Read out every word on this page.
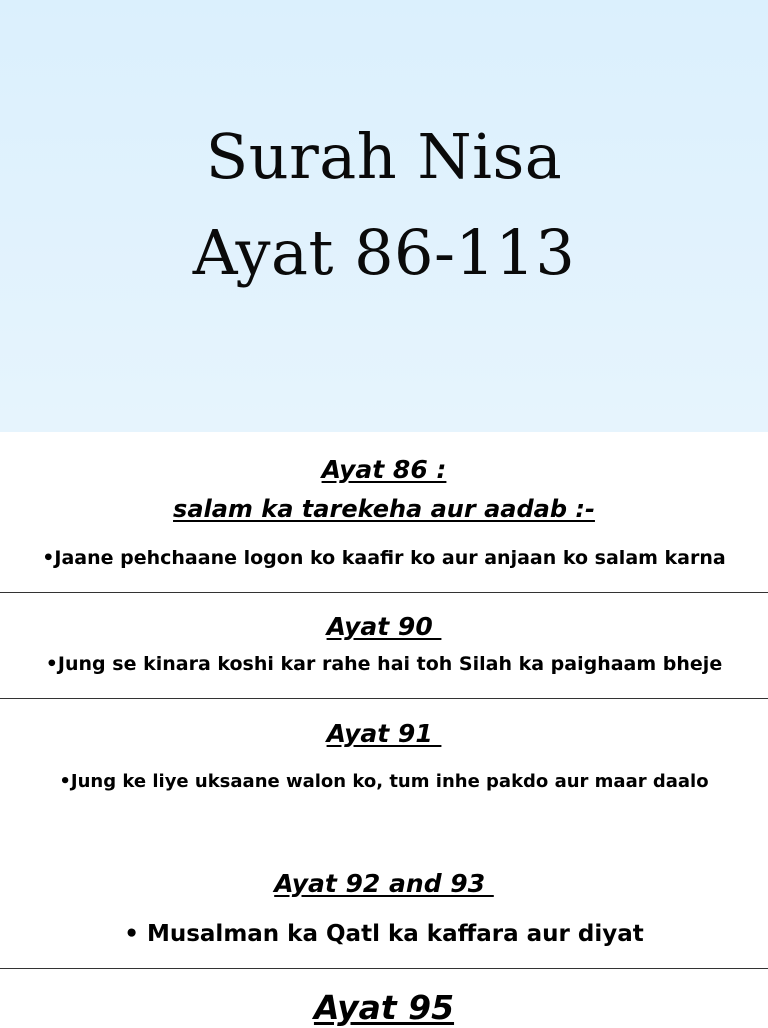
Surah Nisa
Ayat 86-113
Ayat 86 :
salam ka tarekeha aur aadab :-
•Jaane pehchaane logon ko kaafir ko aur anjaan ko salam karna
Ayat 90
•Jung se kinara koshi kar rahe hai toh Silah ka paighaam bheje
Ayat 91
•Jung ke liye uksaane walon ko, tum inhe pakdo aur maar daalo
Ayat 92 and 93
• Musalman ka Qatl ka kaffara aur diyat
Ayat 95
